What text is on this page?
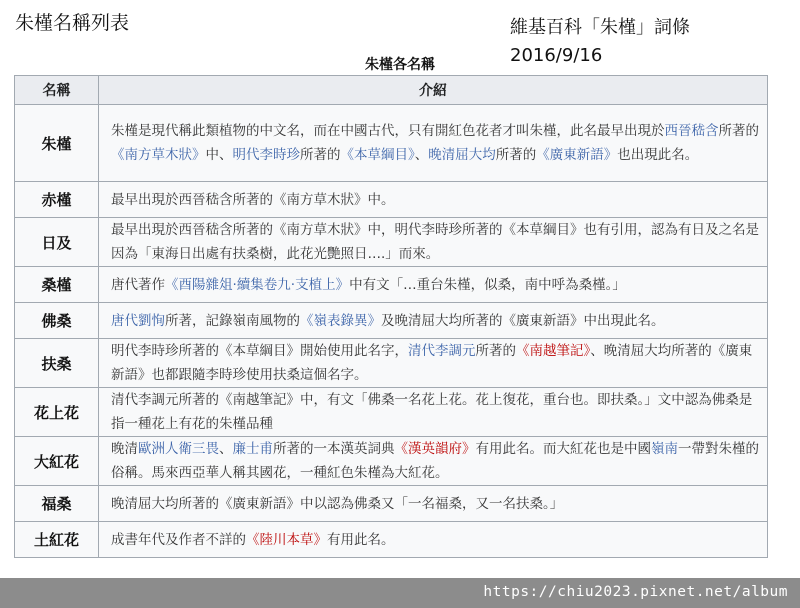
朱槿名稱列表	維基百科「朱槿」詞條
2016/9/16
朱槿各名稱
名稱	介紹
朱槿	朱槿是現代稱此類植物的中文名，而在中國古代，只有開紅色花者才叫朱槿，此名最早出現於西晉嵇含所著的《南方草木狀》中、明代李時珍所著的《本草綱目》、晚清屈大均所著的《廣東新語》也出現此名。
赤槿	最早出現於西晉嵇含所著的《南方草木狀》中。
日及	最早出現於西晉嵇含所著的《南方草木狀》中，明代李時珍所著的《本草綱目》也有引用，認為有日及之名是因為「東海日出處有扶桑樹，此花光艷照日….」而來。
桑槿	唐代著作《酉陽雜俎·續集卷九·支植上》中有文「…重台朱槿，似桑，南中呼為桑槿。」
佛桑	唐代劉恂所著，記錄嶺南風物的《嶺表錄異》及晚清屈大均所著的《廣東新語》中出現此名。
扶桑	明代李時珍所著的《本草綱目》開始使用此名字，清代李調元所著的《南越筆記》、晚清屈大均所著的《廣東新語》也都跟隨李時珍使用扶桑這個名字。
花上花	清代李調元所著的《南越筆記》中，有文「佛桑一名花上花。花上復花，重台也。即扶桑。」文中認為佛桑是指一種花上有花的朱槿品種
大紅花	晚清歐洲人衛三畏、廉士甫所著的一本漢英詞典《漢英韻府》有用此名。而大紅花也是中國嶺南一帶對朱槿的俗稱。馬來西亞華人稱其國花，一種紅色朱槿為大紅花。
福桑	晚清屈大均所著的《廣東新語》中以認為佛桑又「一名福桑，又一名扶桑。」
土紅花	成書年代及作者不詳的《陸川本草》有用此名。
https://chiu2023.pixnet.net/album
